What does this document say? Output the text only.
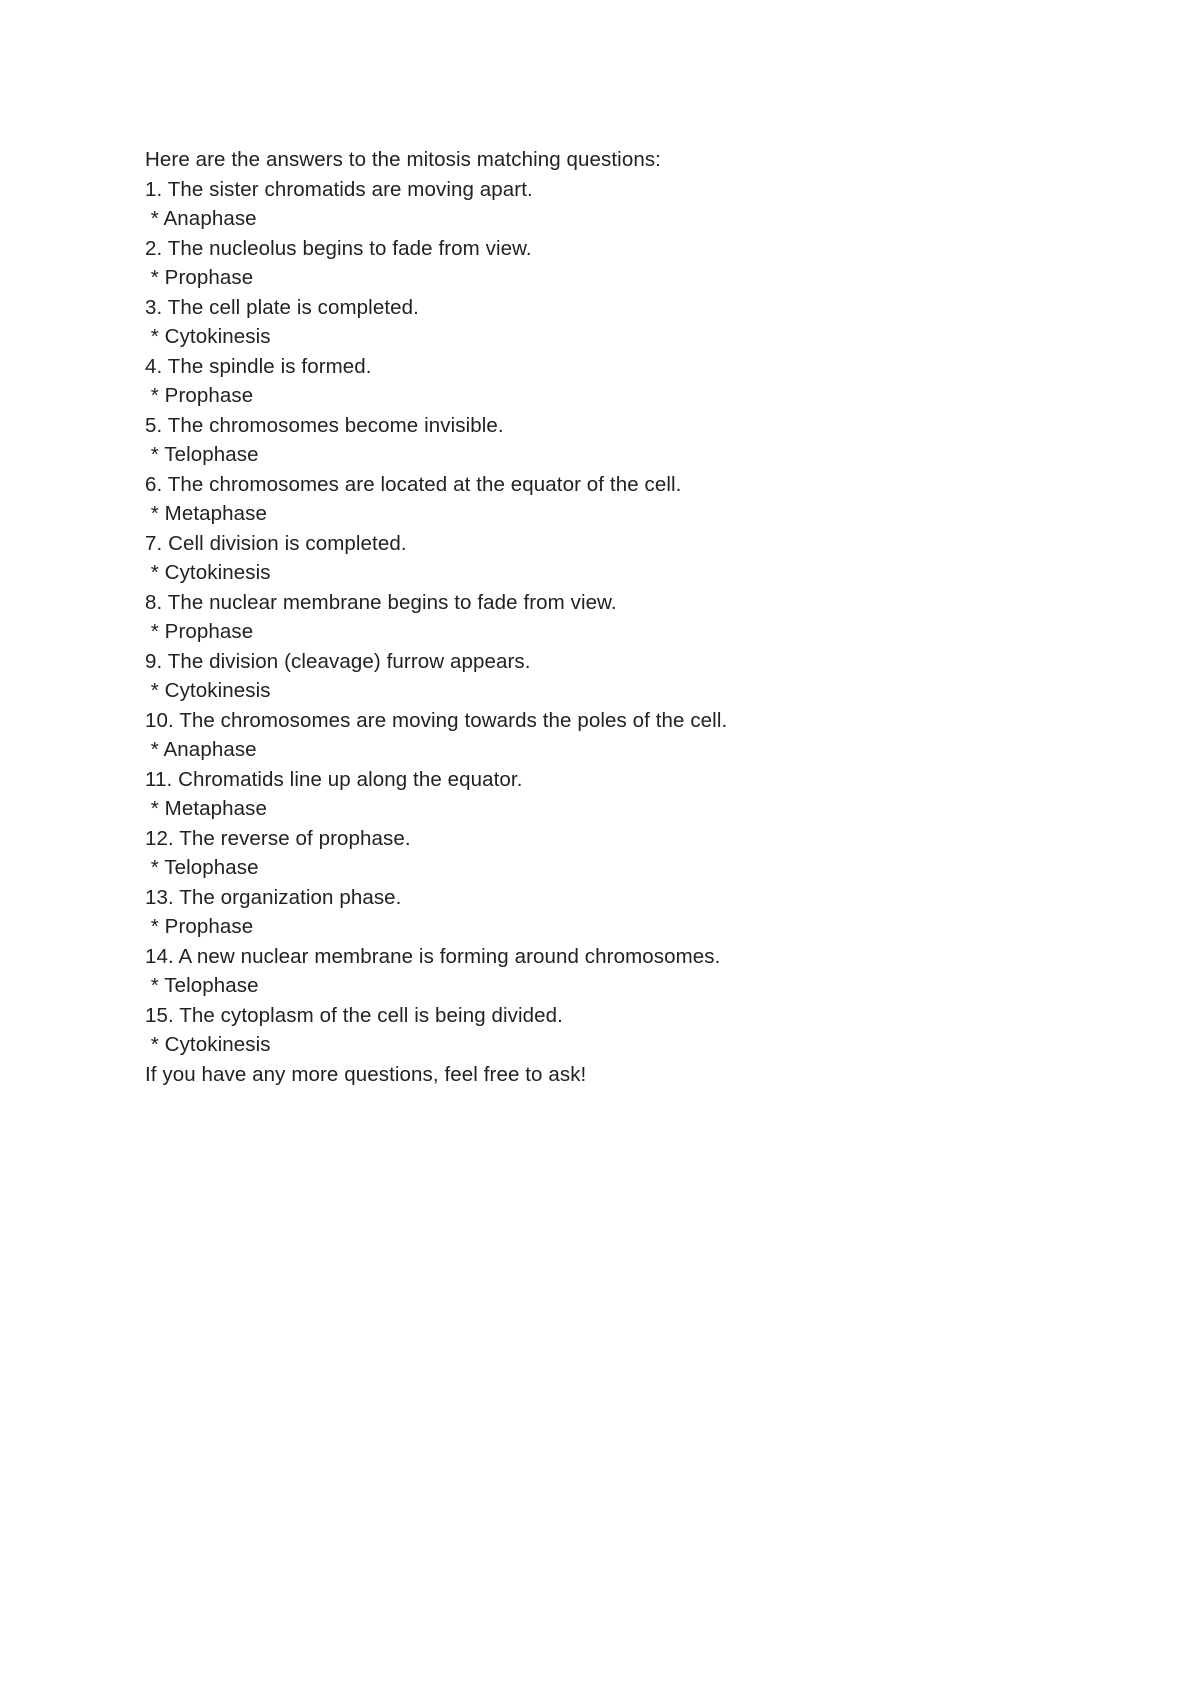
Here are the answers to the mitosis matching questions:
1. The sister chromatids are moving apart.
* Anaphase
2. The nucleolus begins to fade from view.
* Prophase
3. The cell plate is completed.
* Cytokinesis
4. The spindle is formed.
* Prophase
5. The chromosomes become invisible.
* Telophase
6. The chromosomes are located at the equator of the cell.
* Metaphase
7. Cell division is completed.
* Cytokinesis
8. The nuclear membrane begins to fade from view.
* Prophase
9. The division (cleavage) furrow appears.
* Cytokinesis
10. The chromosomes are moving towards the poles of the cell.
* Anaphase
11. Chromatids line up along the equator.
* Metaphase
12. The reverse of prophase.
* Telophase
13. The organization phase.
* Prophase
14. A new nuclear membrane is forming around chromosomes.
* Telophase
15. The cytoplasm of the cell is being divided.
* Cytokinesis
If you have any more questions, feel free to ask!
